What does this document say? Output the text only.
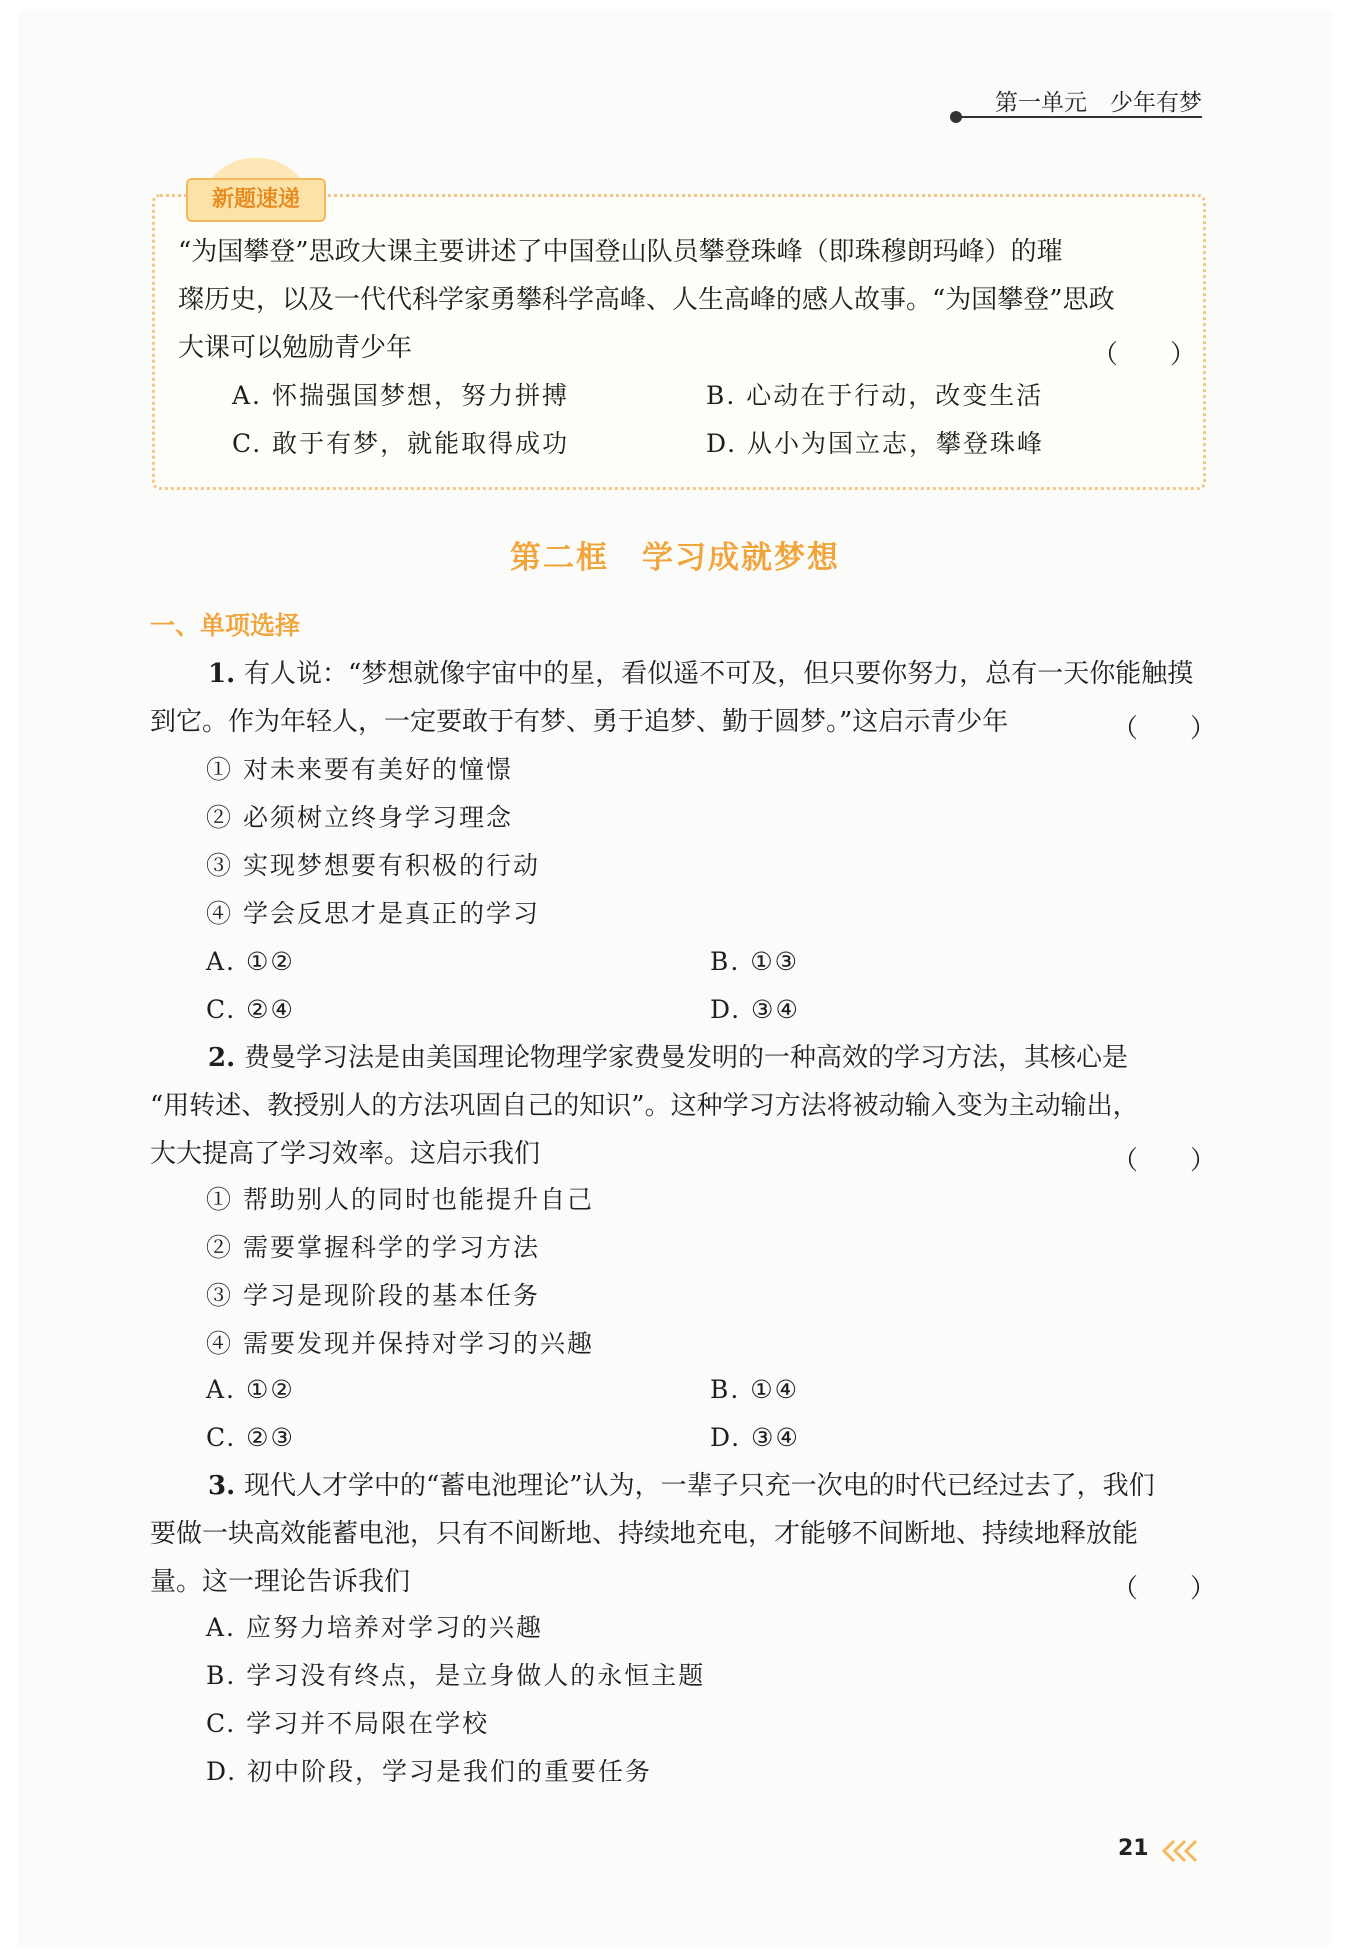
第一单元　少年有梦
新题速递
“为国攀登”思政大课主要讲述了中国登山队员攀登珠峰（即珠穆朗玛峰）的璀
璨历史，以及一代代科学家勇攀科学高峰、人生高峰的感人故事。“为国攀登”思政
大课可以勉励青少年	（　　）
A. 怀揣强国梦想，努力拼搏	B. 心动在于行动，改变生活
C. 敢于有梦，就能取得成功	D. 从小为国立志，攀登珠峰
第二框　学习成就梦想
一、单项选择
1. 有人说：“梦想就像宇宙中的星，看似遥不可及，但只要你努力，总有一天你能触摸
到它。作为年轻人，一定要敢于有梦、勇于追梦、勤于圆梦。”这启示青少年	（　　）
① 对未来要有美好的憧憬
② 必须树立终身学习理念
③ 实现梦想要有积极的行动
④ 学会反思才是真正的学习
A. ①②	B. ①③
C. ②④	D. ③④
2. 费曼学习法是由美国理论物理学家费曼发明的一种高效的学习方法，其核心是
“用转述、教授别人的方法巩固自己的知识”。这种学习方法将被动输入变为主动输出，
大大提高了学习效率。这启示我们	（　　）
① 帮助别人的同时也能提升自己
② 需要掌握科学的学习方法
③ 学习是现阶段的基本任务
④ 需要发现并保持对学习的兴趣
A. ①②	B. ①④
C. ②③	D. ③④
3. 现代人才学中的“蓄电池理论”认为，一辈子只充一次电的时代已经过去了，我们
要做一块高效能蓄电池，只有不间断地、持续地充电，才能够不间断地、持续地释放能
量。这一理论告诉我们	（　　）
A. 应努力培养对学习的兴趣
B. 学习没有终点，是立身做人的永恒主题
C. 学习并不局限在学校
D. 初中阶段，学习是我们的重要任务
21
